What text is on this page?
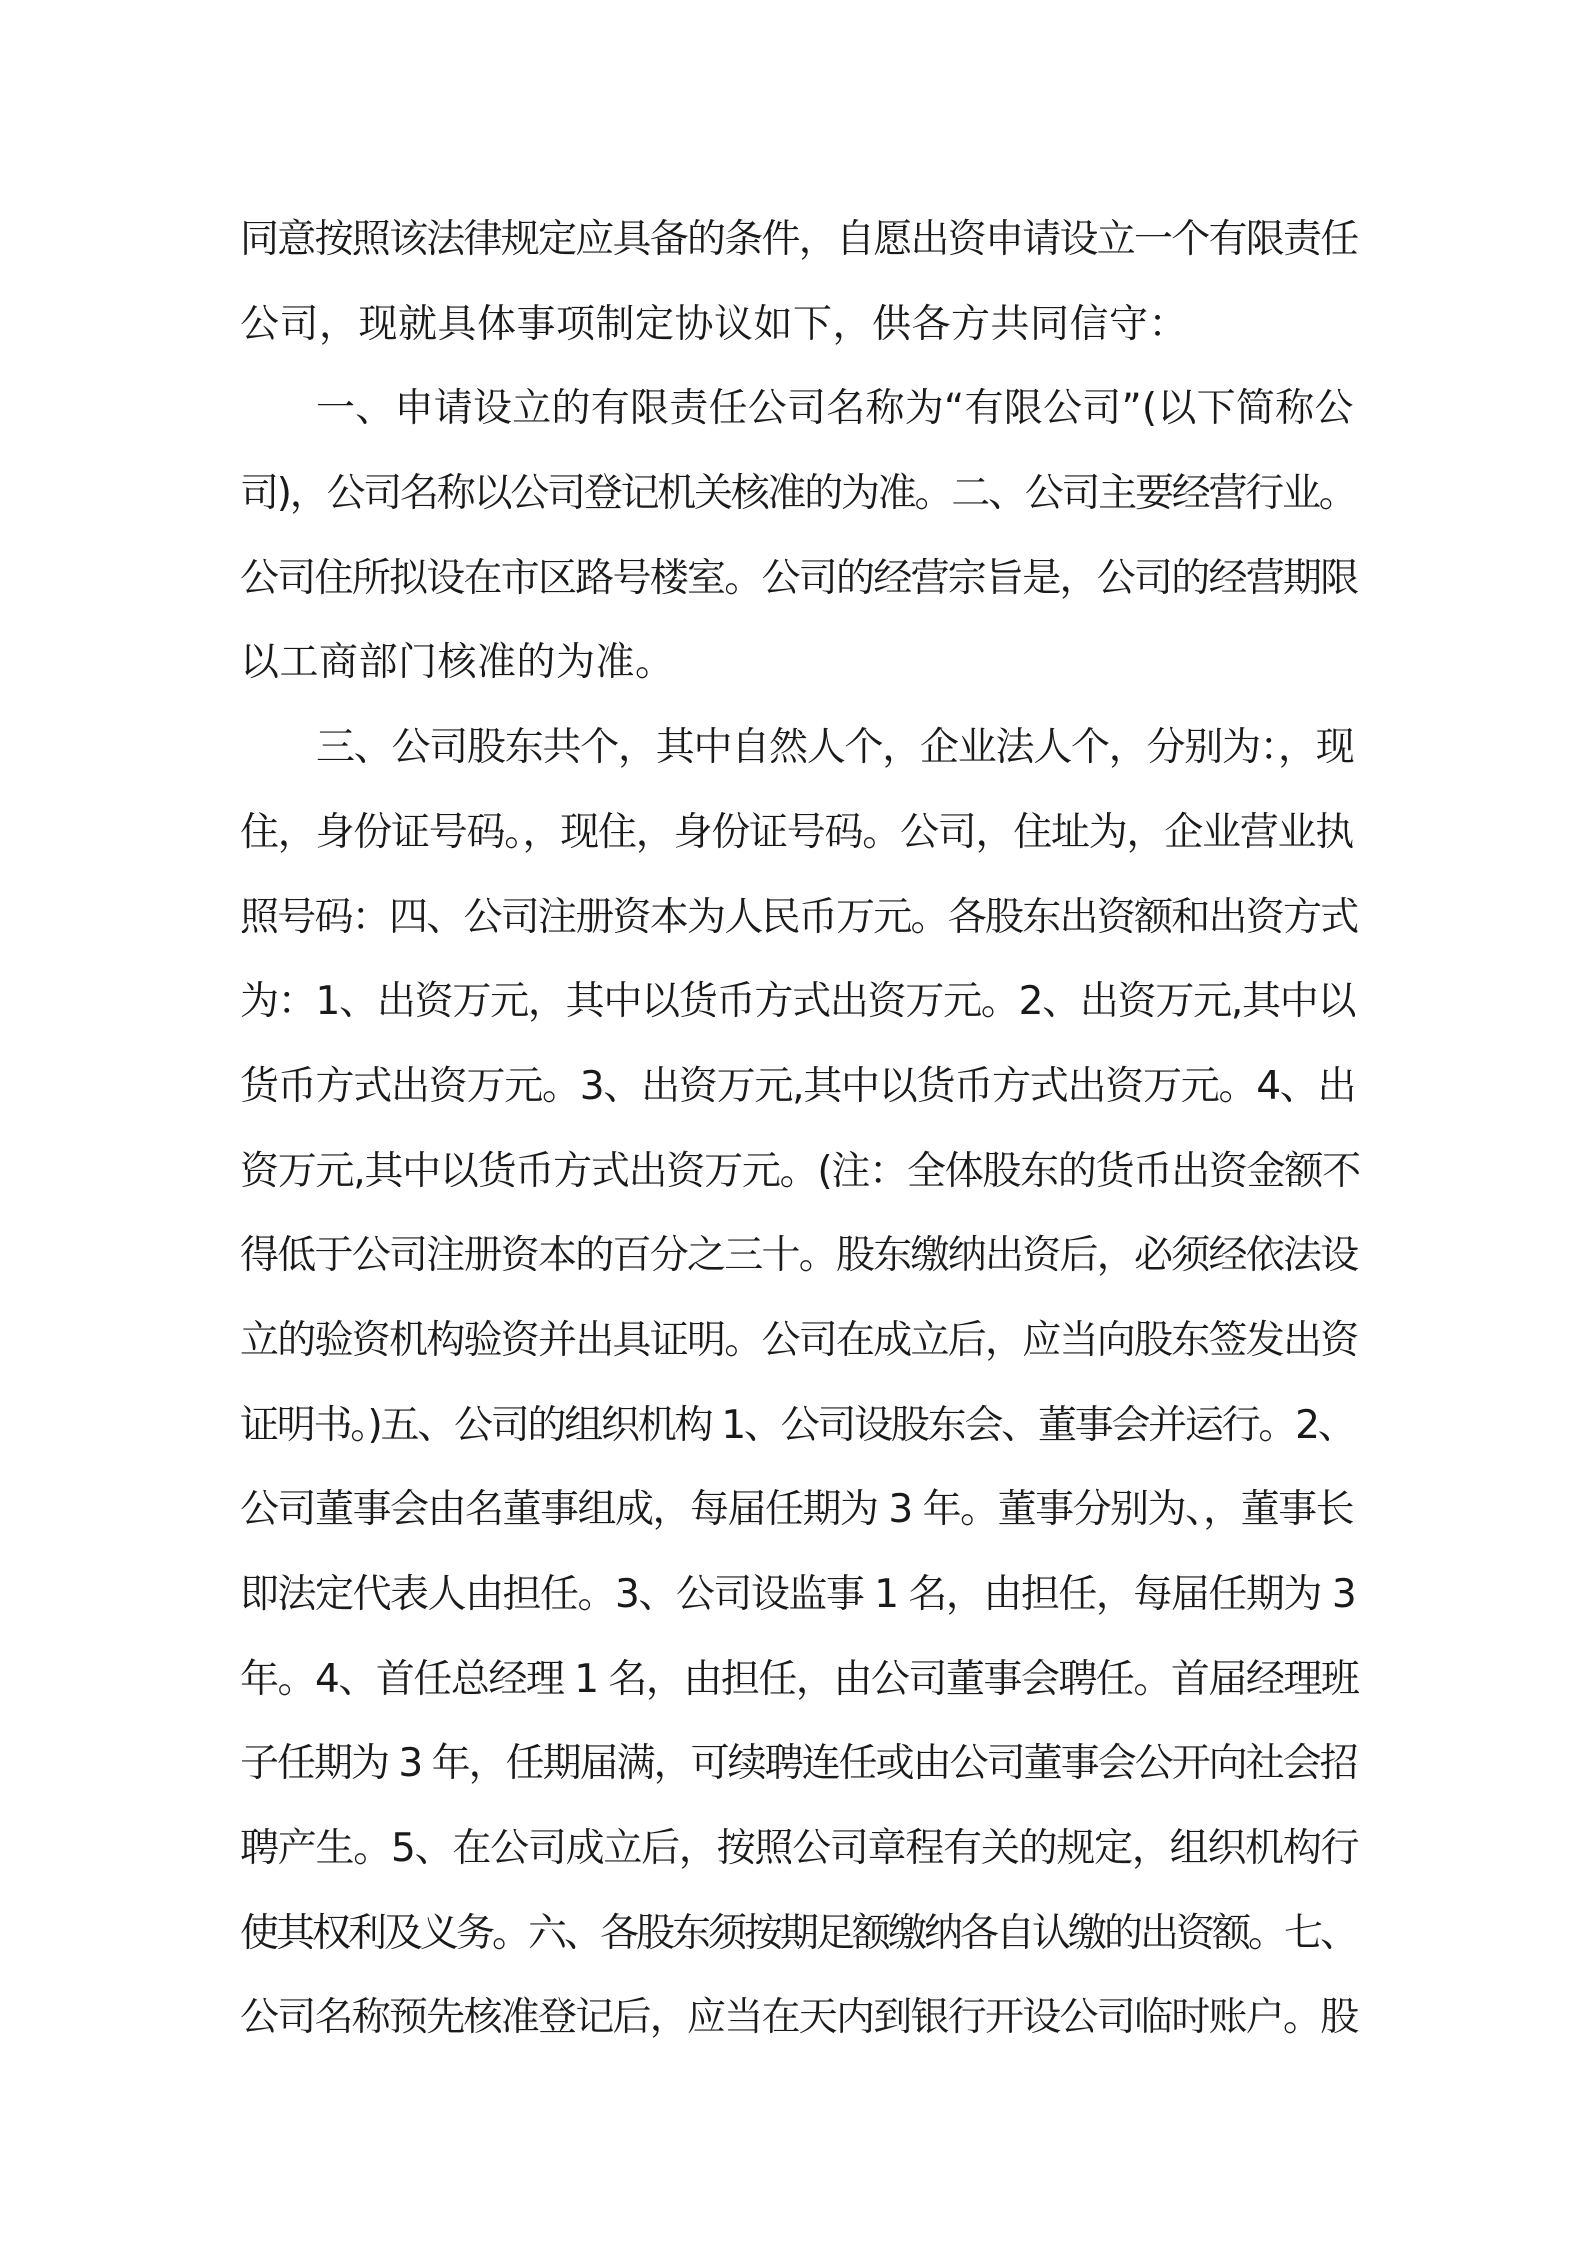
同意按照该法律规定应具备的条件，自愿出资申请设立一个有限责任
公司，现就具体事项制定协议如下，供各方共同信守：
一、申请设立的有限责任公司名称为“有限公司”(以下简称公
司)，公司名称以公司登记机关核准的为准。二、公司主要经营行业。
公司住所拟设在市区路号楼室。公司的经营宗旨是，公司的经营期限
以工商部门核准的为准。
三、公司股东共个，其中自然人个，企业法人个，分别为：，现
住，身份证号码。，现住，身份证号码。公司，住址为，企业营业执
照号码：四、公司注册资本为人民币万元。各股东出资额和出资方式
为：1、出资万元，其中以货币方式出资万元。2、出资万元,其中以
货币方式出资万元。3、出资万元,其中以货币方式出资万元。4、出
资万元,其中以货币方式出资万元。(注：全体股东的货币出资金额不
得低于公司注册资本的百分之三十。股东缴纳出资后，必须经依法设
立的验资机构验资并出具证明。公司在成立后，应当向股东签发出资
证明书。)五、公司的组织机构 1、公司设股东会、董事会并运行。2、
公司董事会由名董事组成，每届任期为 3 年。董事分别为、，董事长
即法定代表人由担任。3、公司设监事 1 名，由担任，每届任期为 3
年。4、首任总经理 1 名，由担任，由公司董事会聘任。首届经理班
子任期为 3 年，任期届满，可续聘连任或由公司董事会公开向社会招
聘产生。5、在公司成立后，按照公司章程有关的规定，组织机构行
使其权利及义务。六、各股东须按期足额缴纳各自认缴的出资额。七、
公司名称预先核准登记后，应当在天内到银行开设公司临时账户。股
